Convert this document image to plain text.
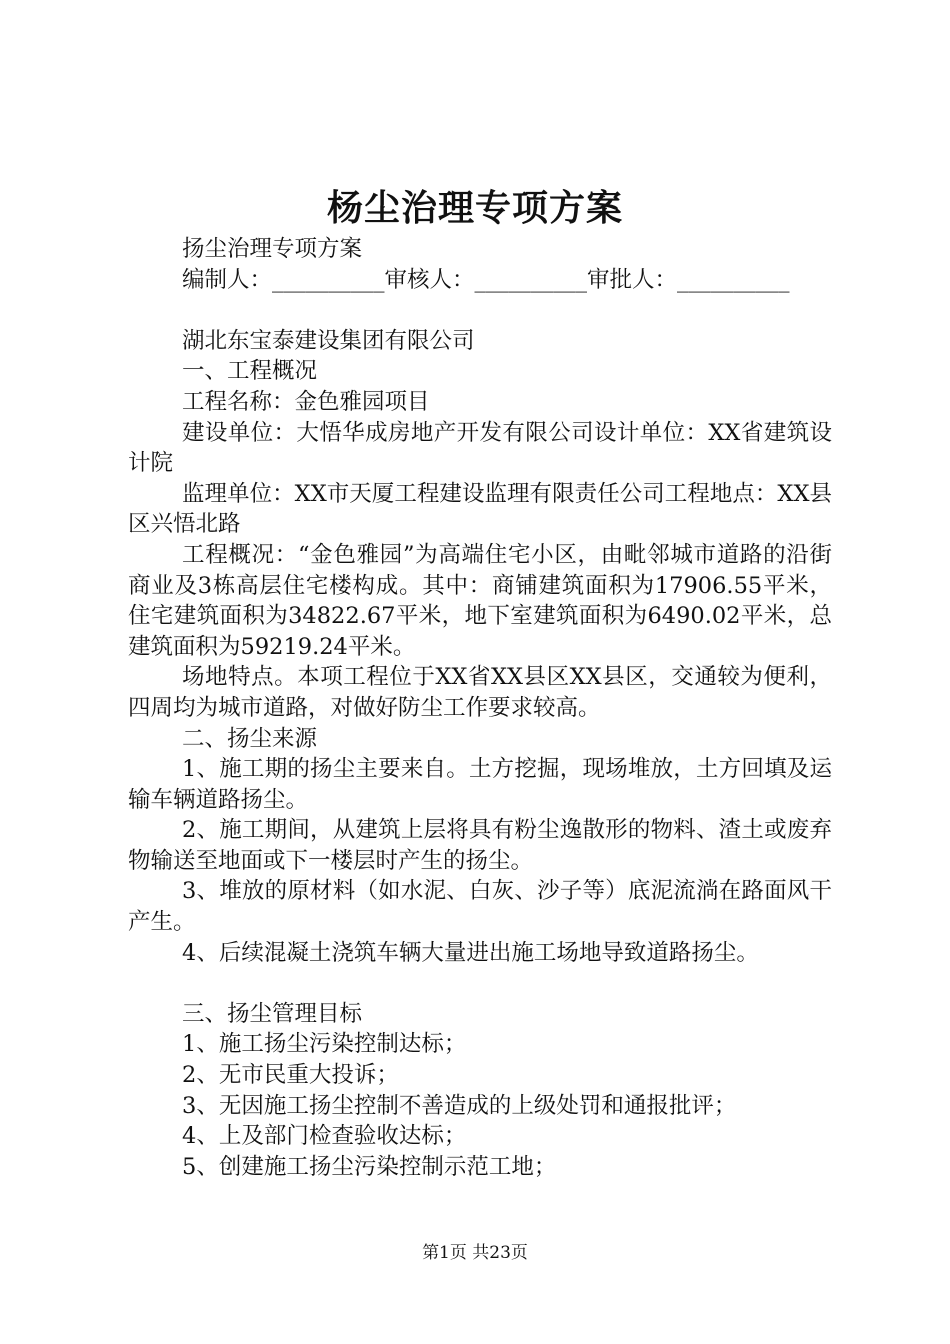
杨尘治理专项方案

扬尘治理专项方案

编制人：__________审核人：__________审批人：__________

湖北东宝泰建设集团有限公司

一、工程概况

工程名称：金色雅园项目

建设单位：大悟华成房地产开发有限公司设计单位：XX省建筑设计院

监理单位：XX市天厦工程建设监理有限责任公司工程地点：XX县区兴悟北路

工程概况：“金色雅园”为高端住宅小区，由毗邻城市道路的沿街商业及3栋高层住宅楼构成。其中：商铺建筑面积为17906.55平米，住宅建筑面积为34822.67平米，地下室建筑面积为6490.02平米，总建筑面积为59219.24平米。

场地特点。本项工程位于XX省XX县区XX县区，交通较为便利，四周均为城市道路，对做好防尘工作要求较高。

二、扬尘来源

1、施工期的扬尘主要来自。土方挖掘，现场堆放，土方回填及运输车辆道路扬尘。

2、施工期间，从建筑上层将具有粉尘逸散形的物料、渣土或废弃物输送至地面或下一楼层时产生的扬尘。

3、堆放的原材料（如水泥、白灰、沙子等）底泥流淌在路面风干产生。

4、后续混凝土浇筑车辆大量进出施工场地导致道路扬尘。

三、扬尘管理目标

1、施工扬尘污染控制达标；

2、无市民重大投诉；

3、无因施工扬尘控制不善造成的上级处罚和通报批评；

4、上及部门检查验收达标；

5、创建施工扬尘污染控制示范工地；

第1页 共23页
